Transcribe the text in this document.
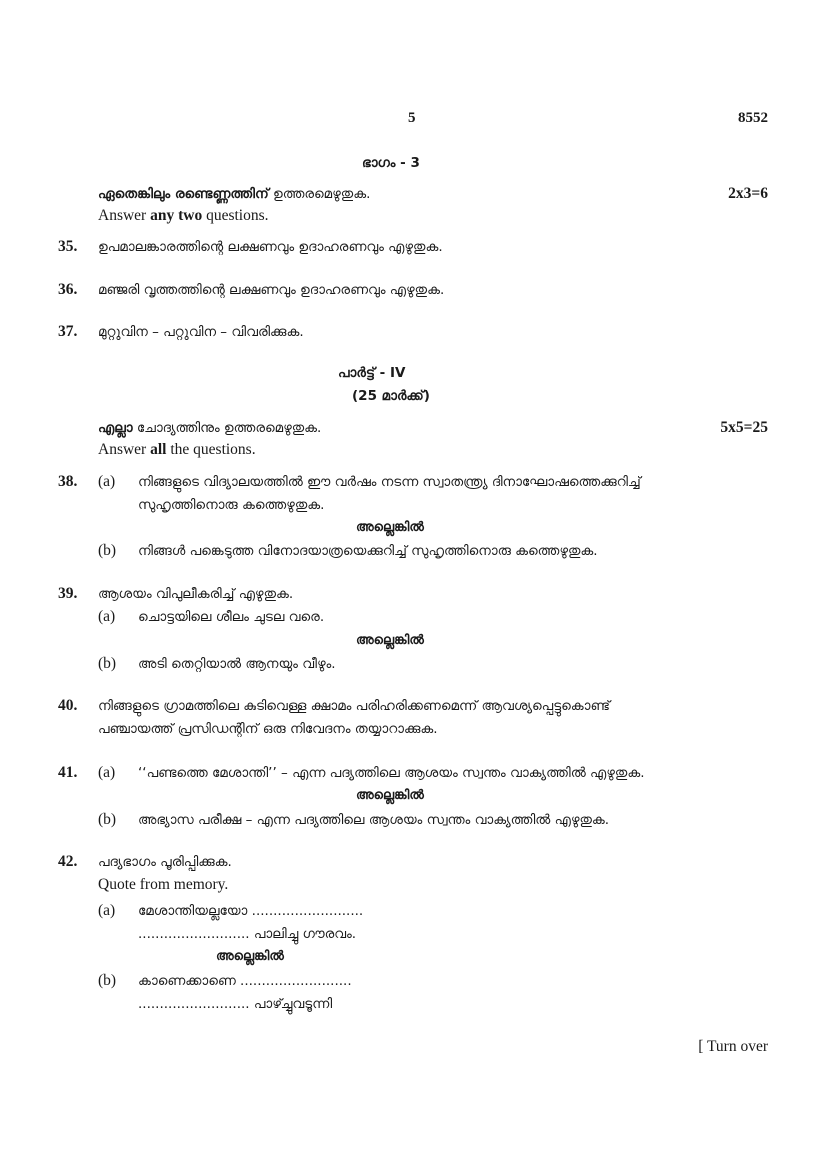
5	8552
ഭാഗം - 3
ഏതെങ്കിലും രണ്ടെണ്ണത്തിന് ഉത്തരമെഴുതുക.	2x3=6
Answer any two questions.
35. ഉപമാലങ്കാരത്തിന്റെ ലക്ഷണവും ഉദാഹരണവും എഴുതുക.
36. മഞ്ജരി വൃത്തത്തിന്റെ ലക്ഷണവും ഉദാഹരണവും എഴുതുക.
37. മുറ്റുവിന – പറ്റുവിന – വിവരിക്കുക.
പാർട്ട് - IV
(25 മാർക്ക്)
എല്ലാ ചോദ്യത്തിനും ഉത്തരമെഴുതുക.	5x5=25
Answer all the questions.
38. (a) നിങ്ങളുടെ വിദ്യാലയത്തിൽ ഈ വർഷം നടന്ന സ്വാതന്ത്ര്യ ദിനാഘോഷത്തെക്കുറിച്ച്
സുഹൃത്തിനൊരു കത്തെഴുതുക.
അല്ലെങ്കിൽ
(b) നിങ്ങൾ പങ്കെടുത്ത വിനോദയാത്രയെക്കുറിച്ച് സുഹൃത്തിനൊരു കത്തെഴുതുക.
39. ആശയം വിപുലീകരിച്ച് എഴുതുക.
(a) ചൊട്ടയിലെ ശീലം ചുടല വരെ.
അല്ലെങ്കിൽ
(b) അടി തെറ്റിയാൽ ആനയും വീഴും.
40. നിങ്ങളുടെ ഗ്രാമത്തിലെ കുടിവെള്ള ക്ഷാമം പരിഹരിക്കണമെന്ന് ആവശ്യപ്പെട്ടുകൊണ്ട്
പഞ്ചായത്ത് പ്രസിഡന്റിന് ഒരു നിവേദനം തയ്യാറാക്കുക.
41. (a) ‘‘പണ്ടത്തെ മേശാന്തി’’ – എന്ന പദ്യത്തിലെ ആശയം സ്വന്തം വാക്യത്തിൽ എഴുതുക.
അല്ലെങ്കിൽ
(b) അഭ്യാസ പരീക്ഷ – എന്ന പദ്യത്തിലെ ആശയം സ്വന്തം വാക്യത്തിൽ എഴുതുക.
42. പദ്യഭാഗം പൂരിപ്പിക്കുക.
Quote from memory.
(a) മേശാന്തിയല്ലയോ ..........................
.......................... പാലിച്ചു ഗൗരവം.
അല്ലെങ്കിൽ
(b) കാണെക്കാണെ ..........................
.......................... പാഴ്ച്ചുവടൂന്നി
[ Turn over
